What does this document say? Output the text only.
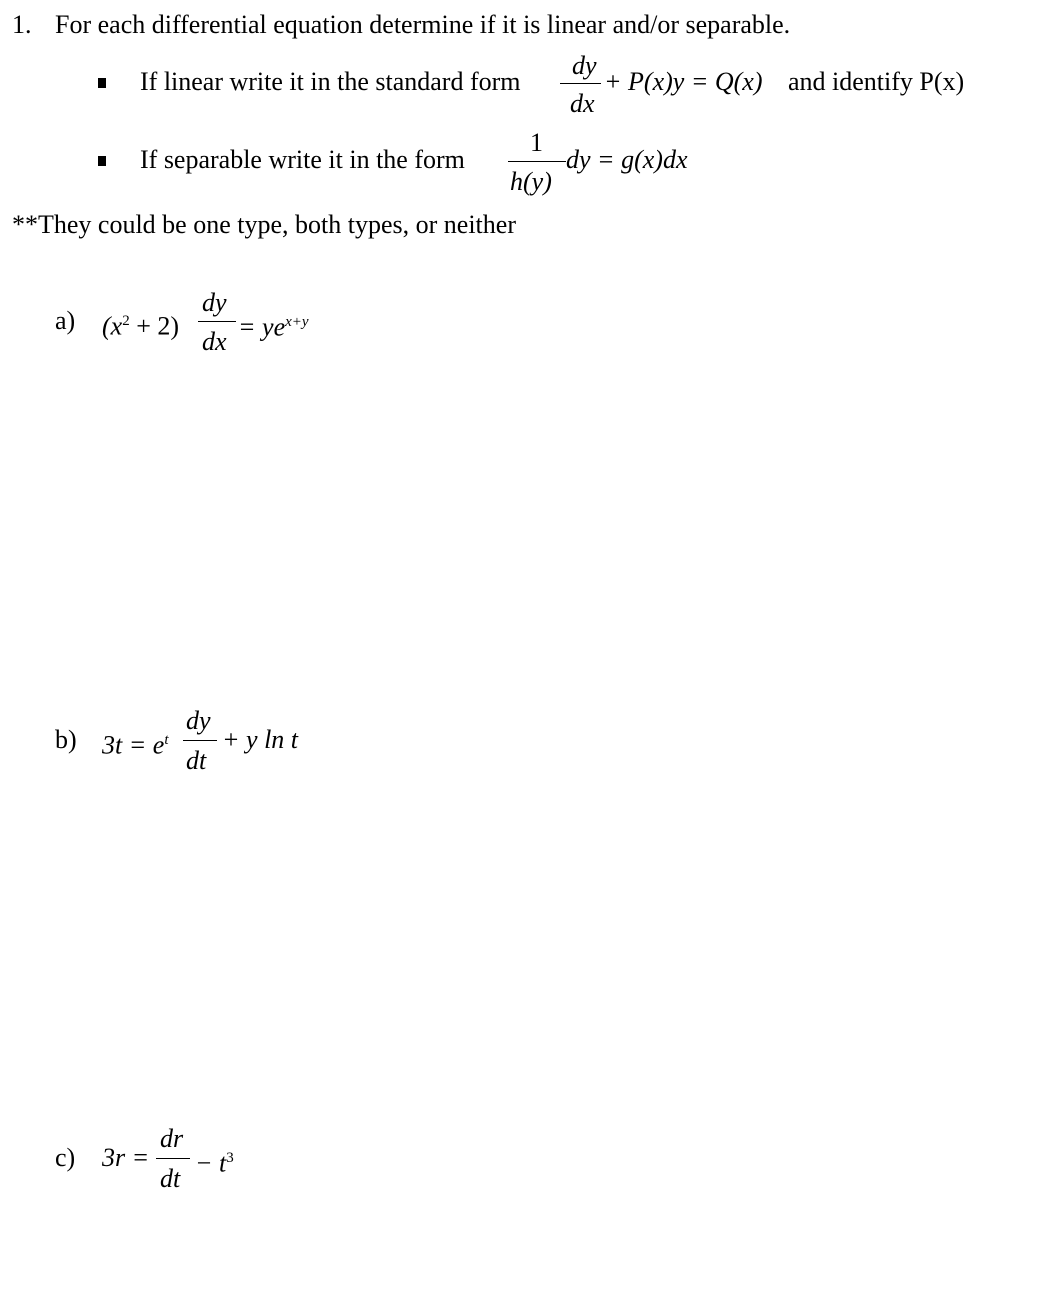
1. For each differential equation determine if it is linear and/or separable.
If linear write it in the standard form
dy
dx
+ P(x)y = Q(x) and identify P(x)
If separable write it in the form
1
h(y)
dy = g(x)dx
**They could be one type, both types, or neither
a) $(x^2 + 2)$
dy
dx = $ye^{x+y}$
b) $3t = e^t$
dy
dt
+ y ln t
c) 3r =
dr
dt
− $t^3$
